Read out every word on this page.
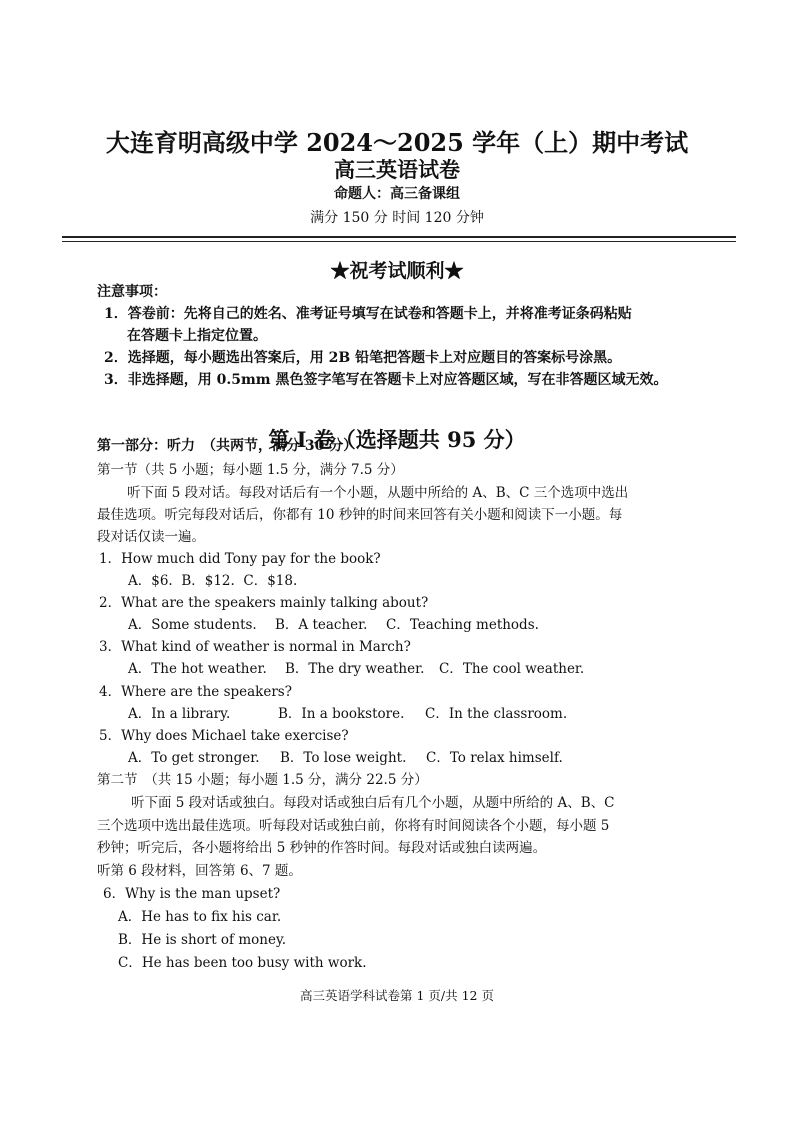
大连育明高级中学 2024～2025 学年（上）期中考试
高三英语试卷
命题人：高三备课组
满分 150 分 时间 120 分钟
★祝考试顺利★
注意事项：
1．答卷前：先将自己的姓名、准考证号填写在试卷和答题卡上，并将准考证条码粘贴
在答题卡上指定位置。
2．选择题，每小题选出答案后，用 2B 铅笔把答题卡上对应题目的答案标号涂黑。
3．非选择题，用 0.5mm 黑色签字笔写在答题卡上对应答题区域，写在非答题区域无效。
第 I 卷（选择题共 95 分）
第一部分：听力　（共两节，满分 30 分）
第一节（共 5 小题；每小题 1.5 分，满分 7.5 分）
听下面 5 段对话。每段对话后有一个小题，从题中所给的 A、B、C 三个选项中选出
最佳选项。听完每段对话后，你都有 10 秒钟的时间来回答有关小题和阅读下一小题。每
段对话仅读一遍。
1．How much did Tony pay for the book?
A．$6. B．$12. C．$18.
2．What are the speakers mainly talking about?
A．Some students. B．A teacher. C．Teaching methods.
3．What kind of weather is normal in March?
A．The hot weather. B．The dry weather. C．The cool weather.
4．Where are the speakers?
A．In a library.	B．In a bookstore. C．In the classroom.
5．Why does Michael take exercise?
A．To get stronger. B．To lose weight. C．To relax himself.
第二节　（共 15 小题；每小题 1.5 分，满分 22.5 分）
听下面 5 段对话或独白。每段对话或独白后有几个小题，从题中所给的 A、B、C
三个选项中选出最佳选项。听每段对话或独白前，你将有时间阅读各个小题，每小题 5
秒钟；听完后，各小题将给出 5 秒钟的作答时间。每段对话或独白读两遍。
听第 6 段材料，回答第 6、7 题。
6．Why is the man upset?
A．He has to fix his car.
B．He is short of money.
C．He has been too busy with work.
高三英语学科试卷第 1 页/共 12 页
